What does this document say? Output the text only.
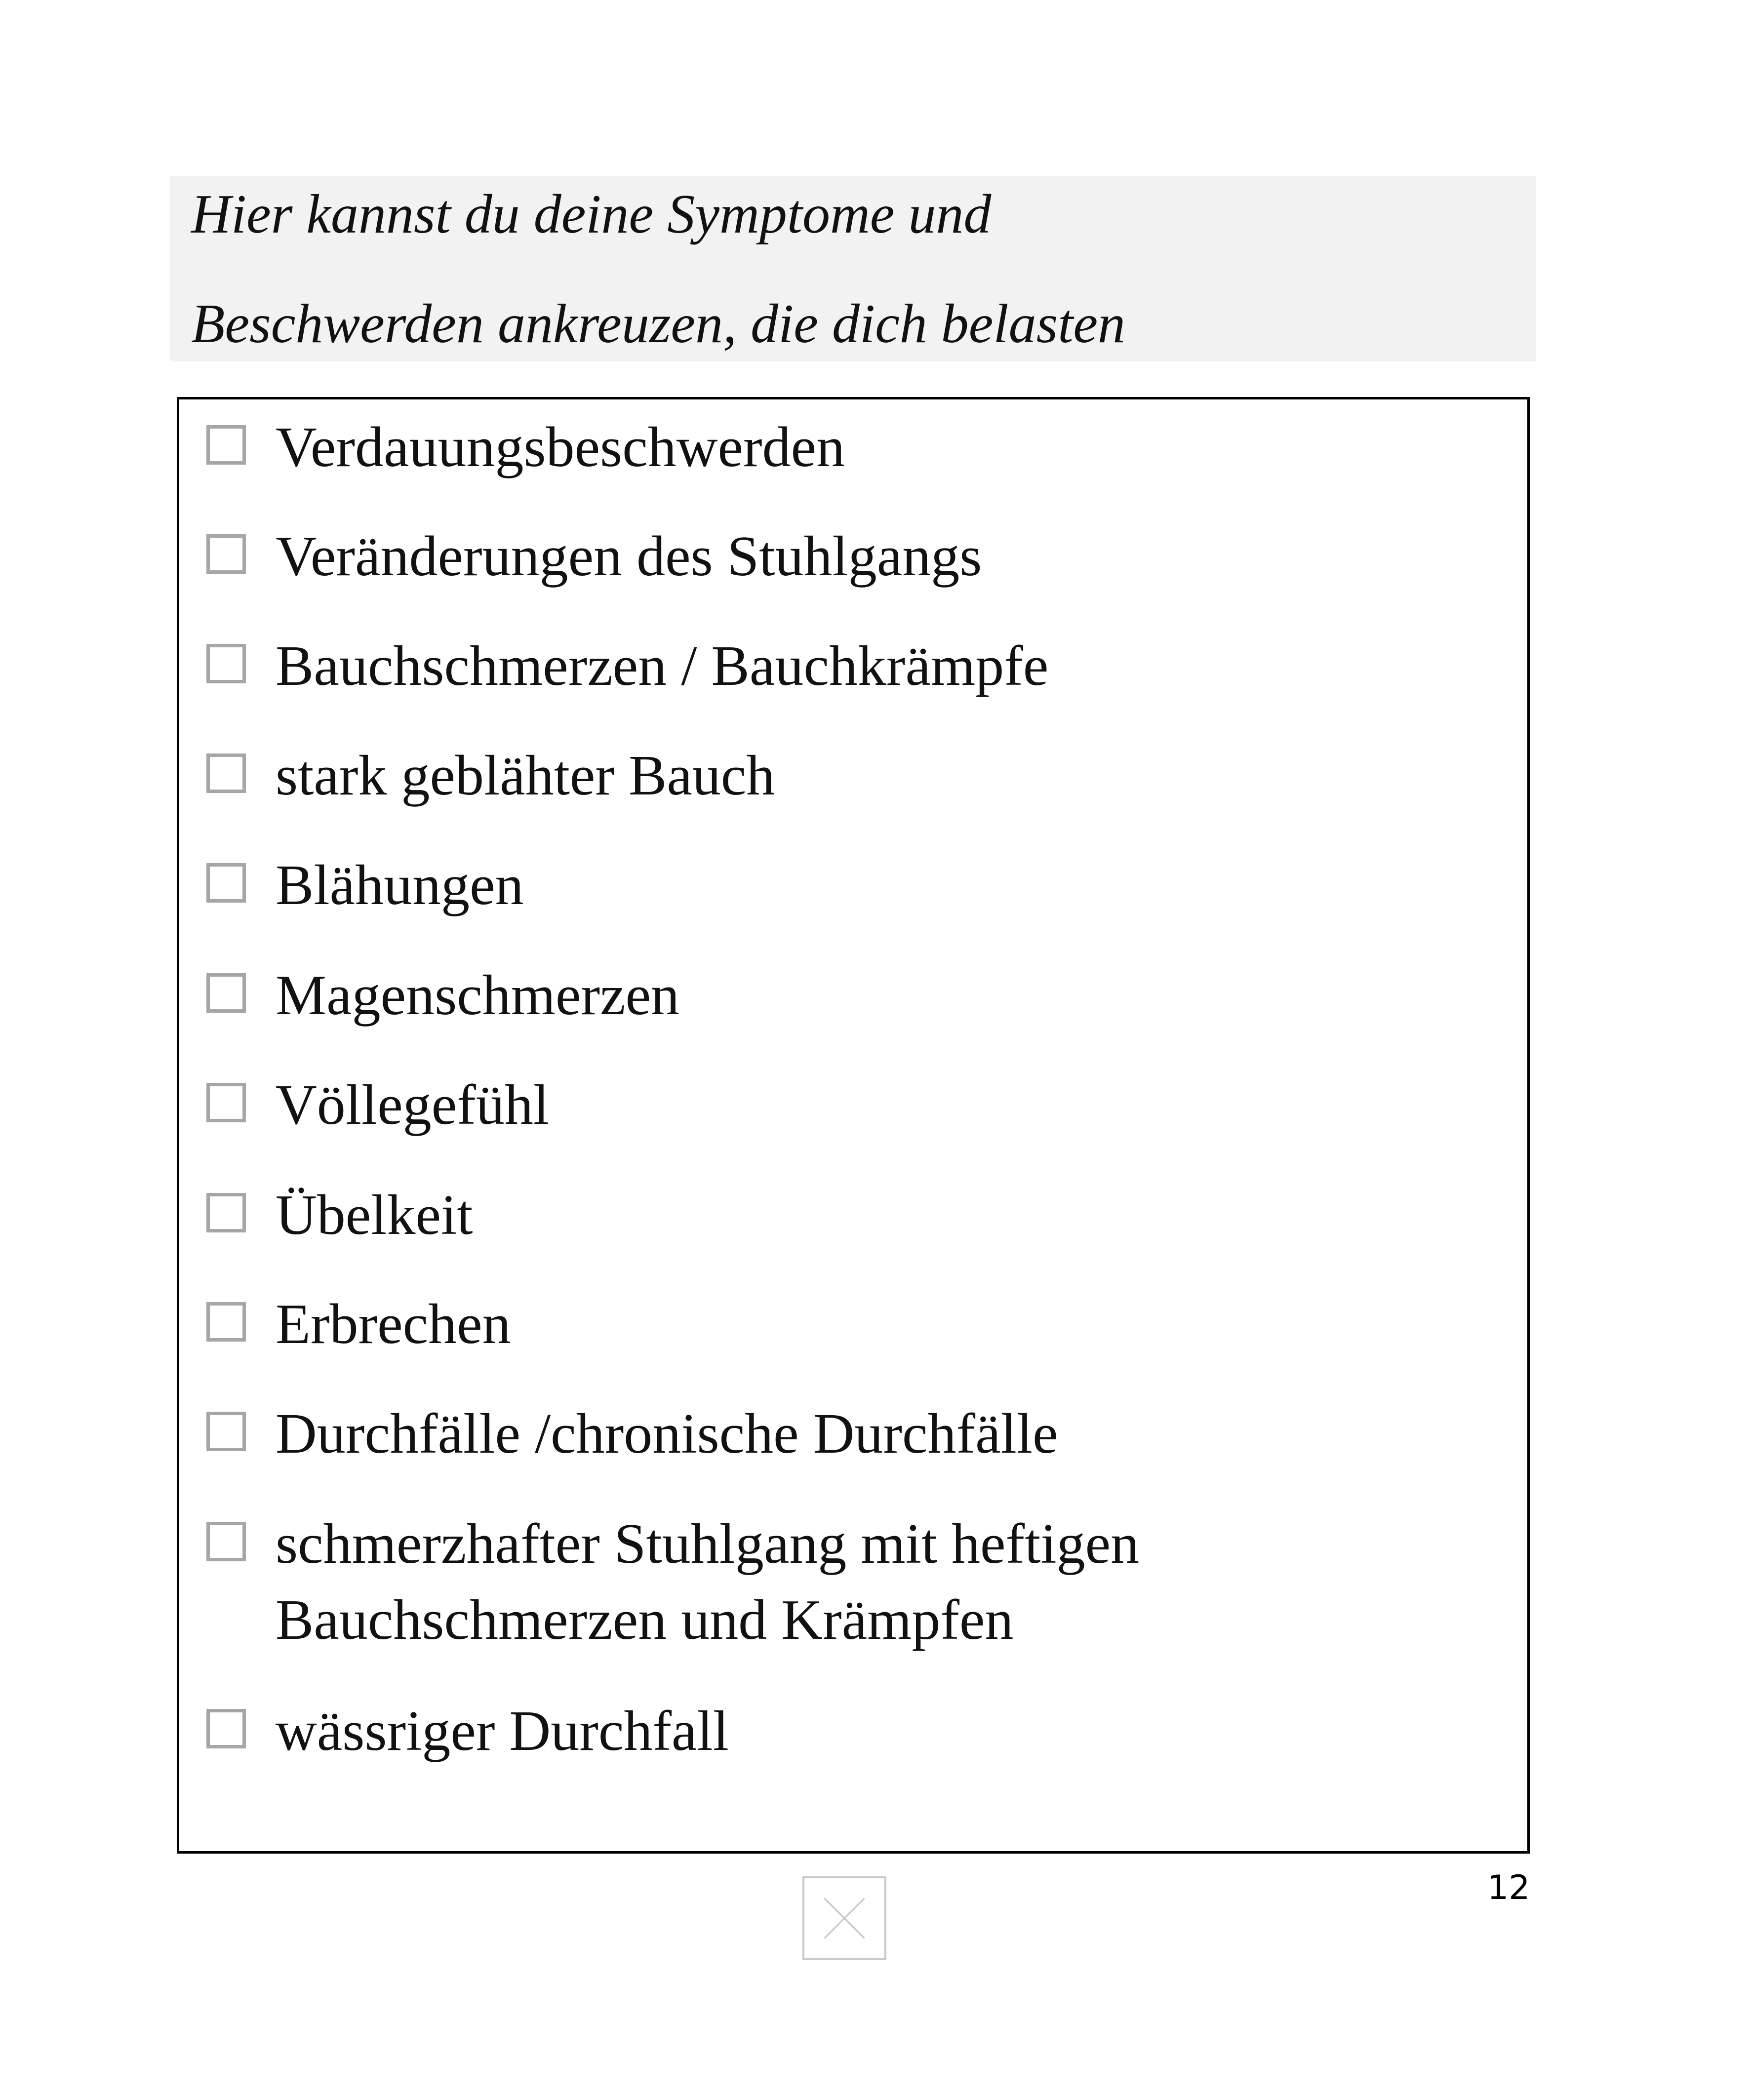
Hier kannst du deine Symptome und
Beschwerden ankreuzen, die dich belasten
Verdauungsbeschwerden
Veränderungen des Stuhlgangs
Bauchschmerzen / Bauchkrämpfe
stark geblähter Bauch
Blähungen
Magenschmerzen
Völlegefühl
Übelkeit
Erbrechen
Durchfälle /chronische Durchfälle
schmerzhafter Stuhlgang mit heftigen
Bauchschmerzen und Krämpfen
wässriger Durchfall
12
